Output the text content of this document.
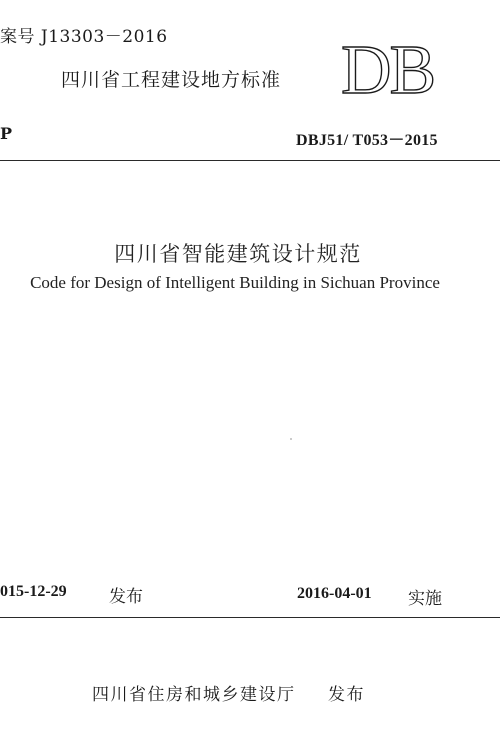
案号 J13303－2016
四川省工程建设地方标准 DB
P	DBJ51/ T053－2015
四川省智能建筑设计规范
Code for Design of Intelligent Building in Sichuan Province
015-12-29 发布	2016-04-01 实施
四川省住房和城乡建设厅 发布
